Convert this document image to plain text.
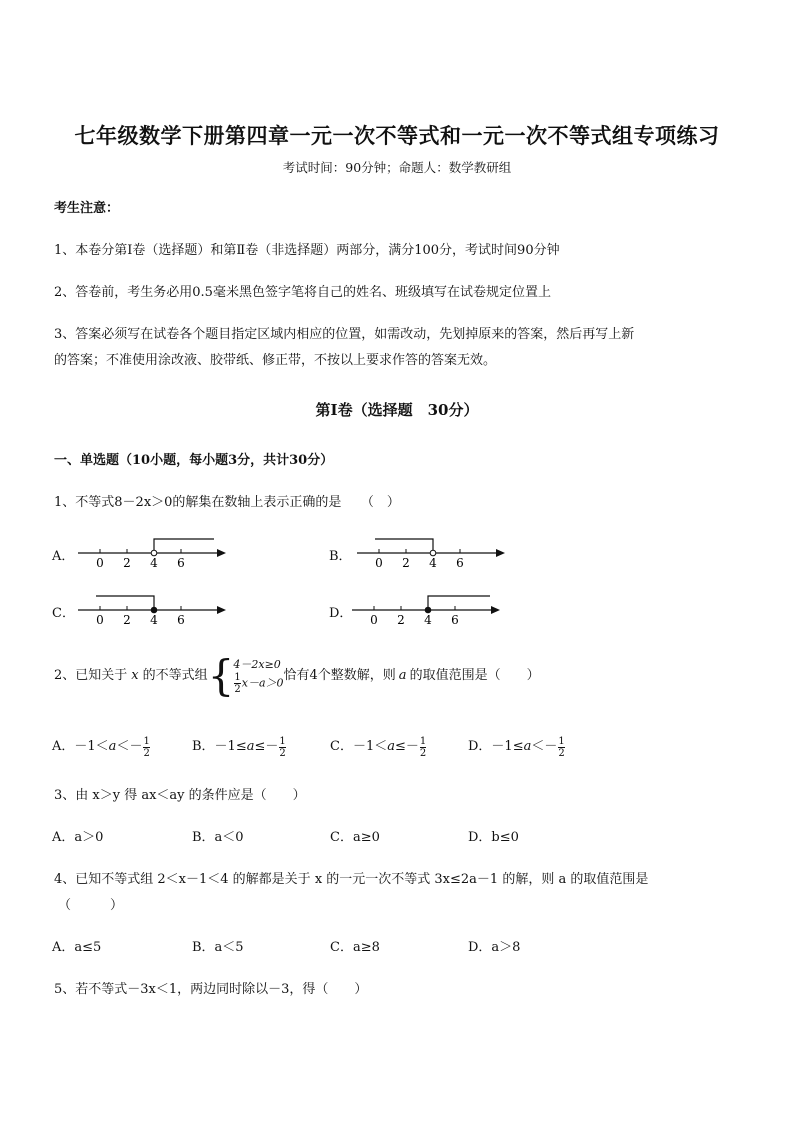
七年级数学下册第四章一元一次不等式和一元一次不等式组专项练习
考试时间：90分钟；命题人：数学教研组
考生注意：
1、本卷分第Ⅰ卷（选择题）和第Ⅱ卷（非选择题）两部分，满分100分，考试时间90分钟
2、答卷前，考生务必用0.5毫米黑色签字笔将自己的姓名、班级填写在试卷规定位置上
3、答案必须写在试卷各个题目指定区域内相应的位置，如需改动，先划掉原来的答案，然后再写上新
的答案；不准使用涂改液、胶带纸、修正带，不按以上要求作答的答案无效。
第Ⅰ卷（选择题　30分）
一、单选题（10小题，每小题3分，共计30分）
1、不等式8－2x＞0的解集在数轴上表示正确的是　　（　）
A． 0 2 4 6	B． 0 2 4 6
C． 0 2 4 6	D． 0 2 4 6
2、已知关于 x 的不等式组 { 4－2x≥0
$\frac{1}{2} x-a>0$ 恰有4个整数解，则 a 的取值范围是（　　）
A．$-1< a <- \frac{1}{2}$	B．$-1\le a \le- \frac{1}{2}$	C．$-1< a \le- \frac{1}{2}$	D．$-1\le a <- \frac{1}{2}$
3、由 x＞y 得 ax＜ay 的条件应是（　　）
A．a＞0	B．a＜0	C．a≥0	D．b≤0
4、已知不等式组 2＜x－1＜4 的解都是关于 x 的一元一次不等式 3x≤2a－1 的解，则 a 的取值范围是
（　　　）
A．a≤5	B．a＜5	C．a≥8	D．a＞8
5、若不等式－3x＜1，两边同时除以－3，得（　　）
